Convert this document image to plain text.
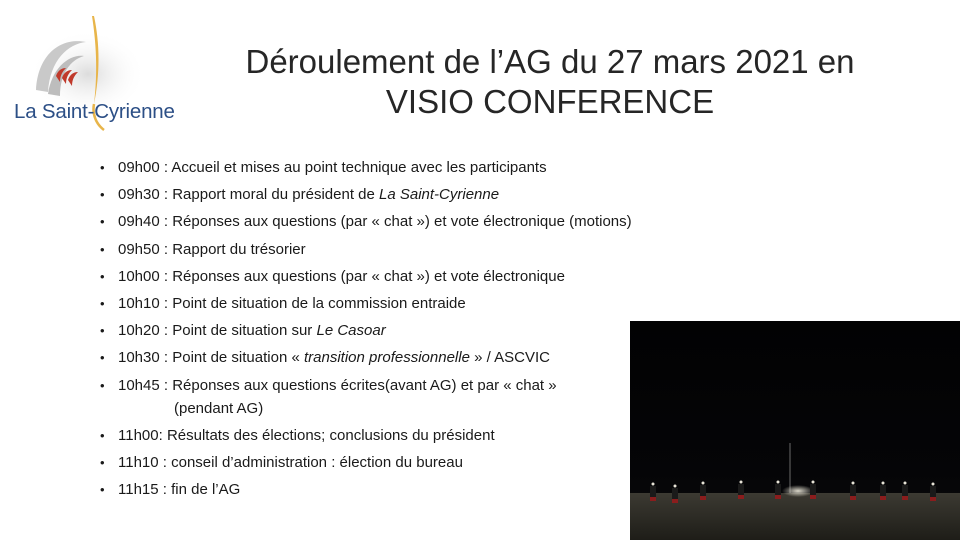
La Saint-Cyrienne
Déroulement de l’AG du 27 mars 2021 en
VISIO CONFERENCE
• 09h00 : Accueil et mises au point technique avec les participants
• 09h30 : Rapport moral du président de La Saint-Cyrienne
• 09h40 : Réponses aux questions (par « chat ») et vote électronique (motions)
• 09h50 : Rapport du trésorier
• 10h00 : Réponses aux questions (par « chat ») et vote électronique
• 10h10 : Point de situation de la commission entraide
• 10h20 : Point de situation sur Le Casoar
• 10h30 : Point de situation « transition professionnelle » / ASCVIC
• 10h45 : Réponses aux questions écrites(avant AG) et par « chat »
(pendant AG)
• 11h00: Résultats des élections; conclusions du président
• 11h10 : conseil d’administration : élection du bureau
• 11h15 : fin de l’AG
